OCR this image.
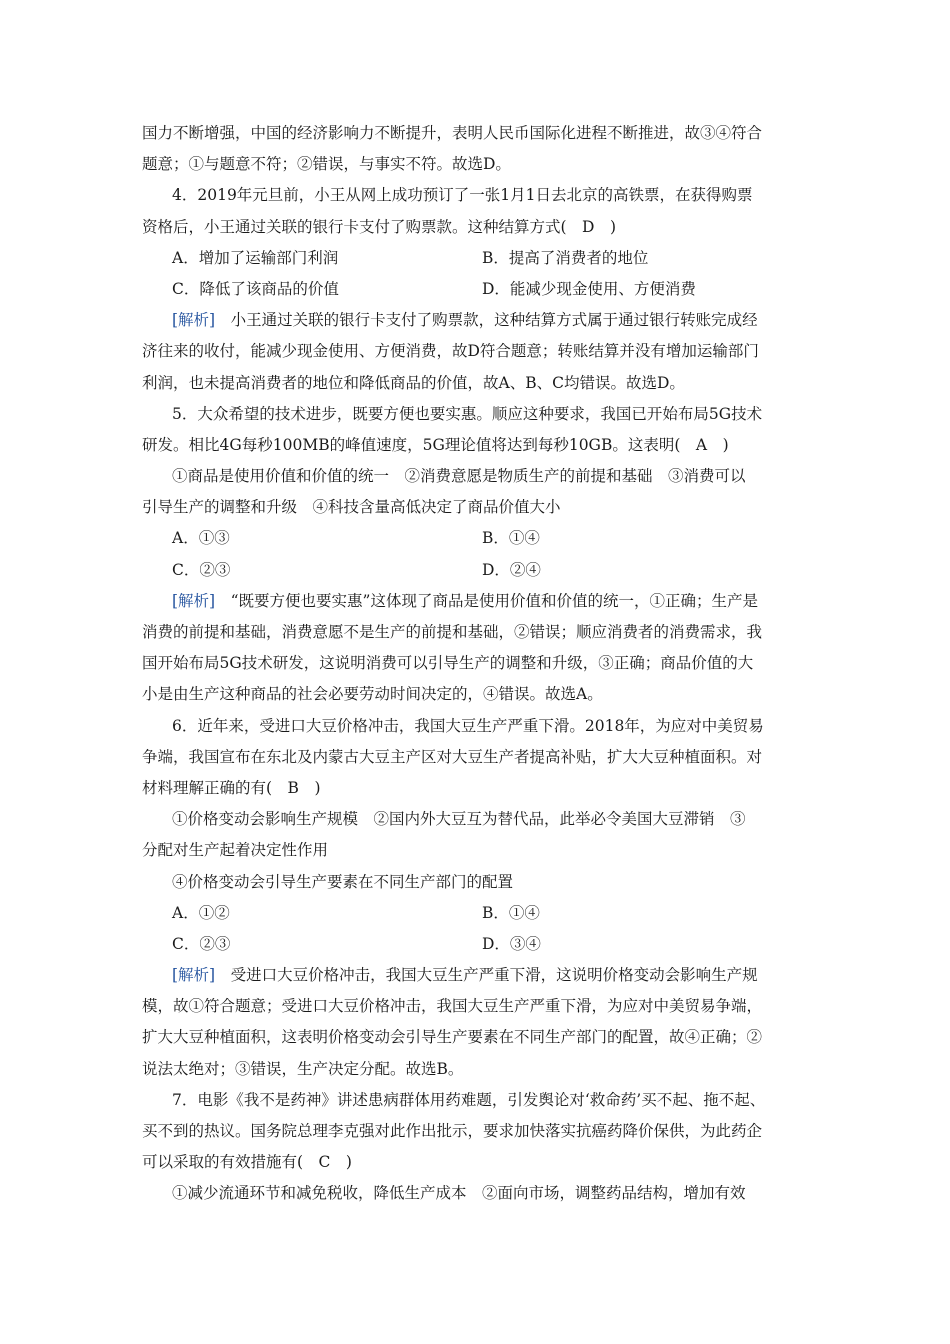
国力不断增强，中国的经济影响力不断提升，表明人民币国际化进程不断推进，故③④符合
题意；①与题意不符；②错误，与事实不符。故选D。
4．2019年元旦前，小王从网上成功预订了一张1月1日去北京的高铁票，在获得购票
资格后，小王通过关联的银行卡支付了购票款。这种结算方式(　D　)
A．增加了运输部门利润	B．提高了消费者的地位
C．降低了该商品的价值	D．能减少现金使用、方便消费
[解析]　小王通过关联的银行卡支付了购票款，这种结算方式属于通过银行转账完成经
济往来的收付，能减少现金使用、方便消费，故D符合题意；转账结算并没有增加运输部门
利润，也未提高消费者的地位和降低商品的价值，故A、B、C均错误。故选D。
5．大众希望的技术进步，既要方便也要实惠。顺应这种要求，我国已开始布局5G技术
研发。相比4G每秒100MB的峰值速度，5G理论值将达到每秒10GB。这表明(　A　)
①商品是使用价值和价值的统一　②消费意愿是物质生产的前提和基础　③消费可以
引导生产的调整和升级　④科技含量高低决定了商品价值大小
A．①③	B．①④
C．②③	D．②④
[解析]　“既要方便也要实惠”这体现了商品是使用价值和价值的统一，①正确；生产是
消费的前提和基础，消费意愿不是生产的前提和基础，②错误；顺应消费者的消费需求，我
国开始布局5G技术研发，这说明消费可以引导生产的调整和升级，③正确；商品价值的大
小是由生产这种商品的社会必要劳动时间决定的，④错误。故选A。
6．近年来，受进口大豆价格冲击，我国大豆生产严重下滑。2018年，为应对中美贸易
争端，我国宣布在东北及内蒙古大豆主产区对大豆生产者提高补贴，扩大大豆种植面积。对
材料理解正确的有(　B　)
①价格变动会影响生产规模　②国内外大豆互为替代品，此举必令美国大豆滞销　③
分配对生产起着决定性作用
④价格变动会引导生产要素在不同生产部门的配置
A．①②	B．①④
C．②③	D．③④
[解析]　受进口大豆价格冲击，我国大豆生产严重下滑，这说明价格变动会影响生产规
模，故①符合题意；受进口大豆价格冲击，我国大豆生产严重下滑，为应对中美贸易争端，
扩大大豆种植面积，这表明价格变动会引导生产要素在不同生产部门的配置，故④正确；②
说法太绝对；③错误，生产决定分配。故选B。
7．电影《我不是药神》讲述患病群体用药难题，引发舆论对‘救命药’买不起、拖不起、
买不到的热议。国务院总理李克强对此作出批示，要求加快落实抗癌药降价保供，为此药企
可以采取的有效措施有(　C　)
①减少流通环节和减免税收，降低生产成本　②面向市场，调整药品结构，增加有效
